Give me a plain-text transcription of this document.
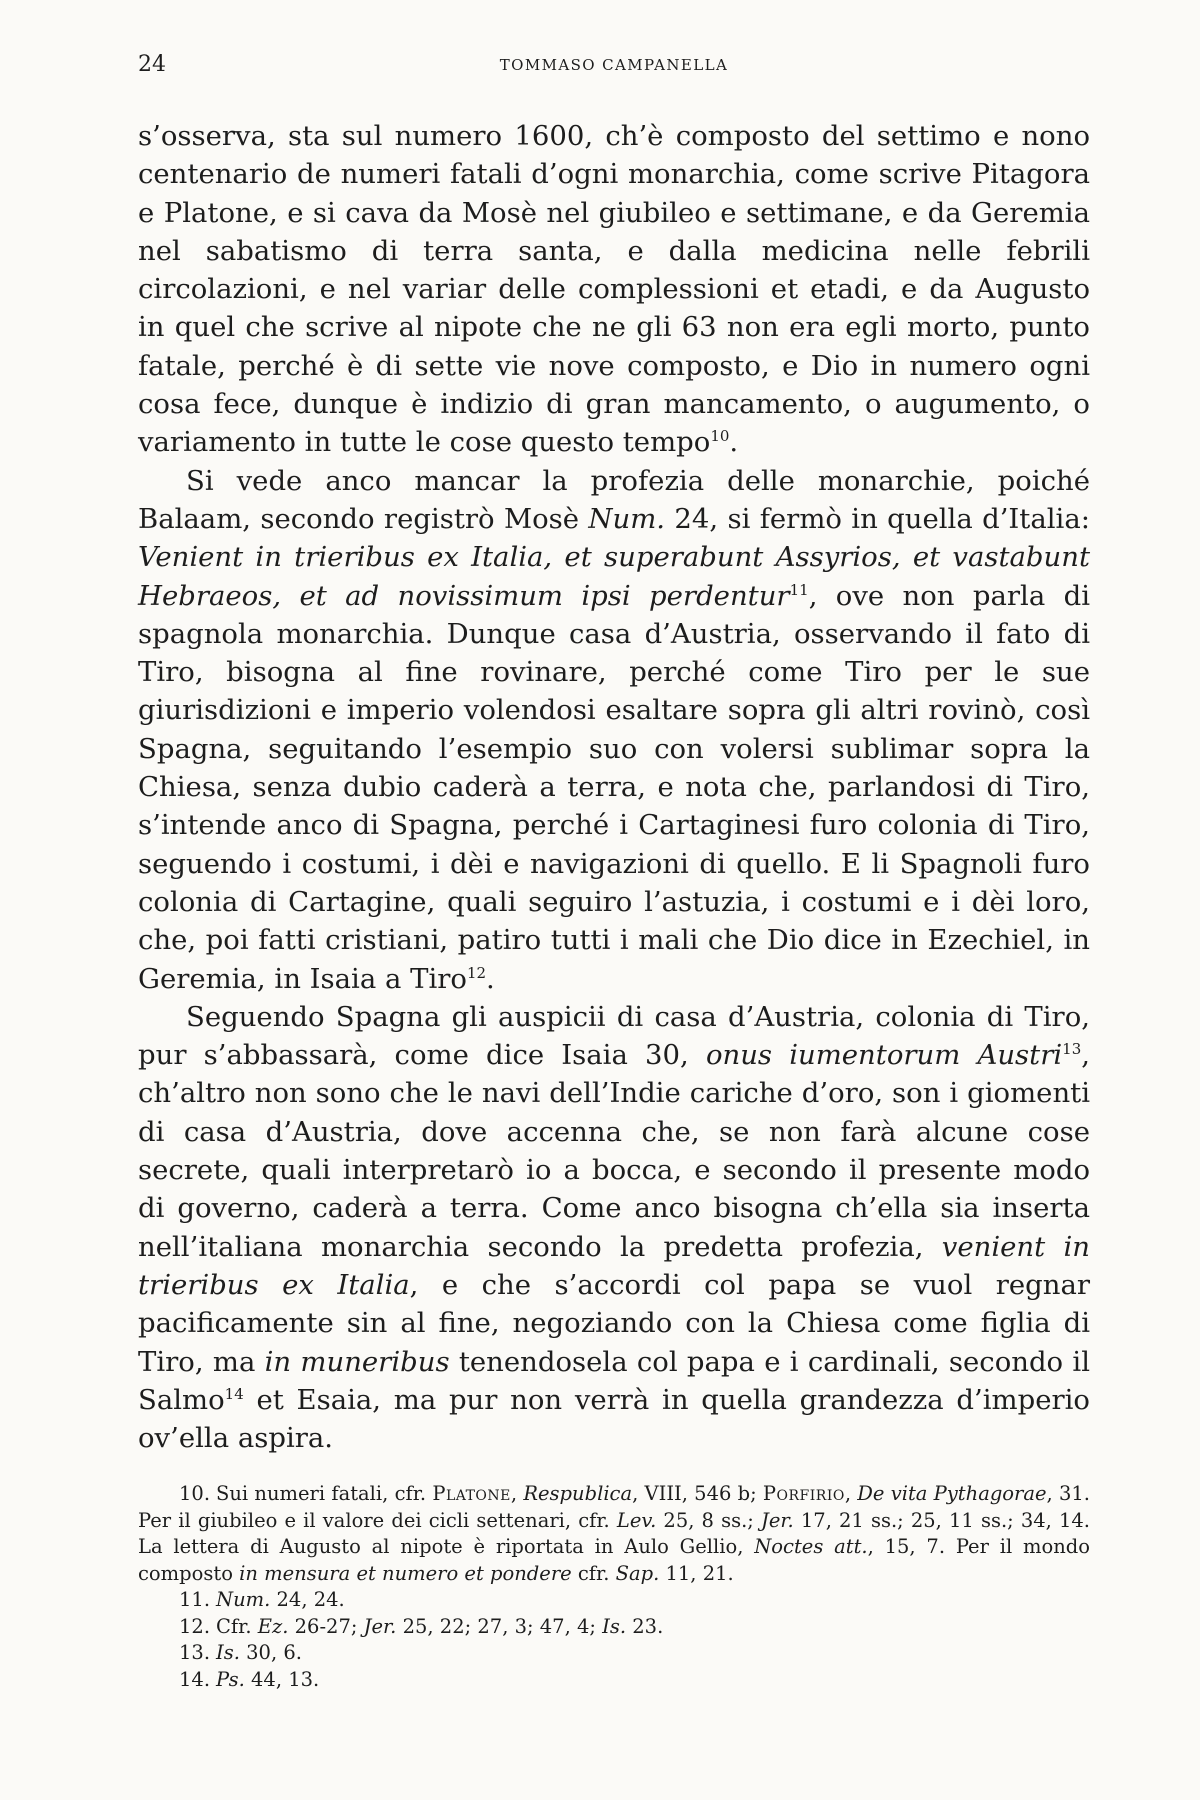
24	TOMMASO CAMPANELLA

s’osserva, sta sul numero 1600, ch’è composto del settimo e nono centenario de numeri fatali d’ogni monarchia, come scrive Pitagora e Platone, e si cava da Mosè nel giubileo e settimane, e da Geremia nel sabatismo di terra santa, e dalla medicina nelle febrili circolazioni, e nel variar delle complessioni et etadi, e da Augusto in quel che scrive al nipote che ne gli 63 non era egli morto, punto fatale, perché è di sette vie nove composto, e Dio in numero ogni cosa fece, dunque è indizio di gran mancamento, o augumento, o variamento in tutte le cose questo tempo$^{10}$.

Si vede anco mancar la profezia delle monarchie, poiché Balaam, secondo registrò Mosè Num. 24, si fermò in quella d’Italia: Venient in trieribus ex Italia, et superabunt Assyrios, et vastabunt Hebraeos, et ad novissimum ipsi perdentur$^{11}$, ove non parla di spagnola monarchia. Dunque casa d’Austria, osservando il fato di Tiro, bisogna al fine rovinare, perché come Tiro per le sue giurisdizioni e imperio volendosi esaltare sopra gli altri rovinò, così Spagna, seguitando l’esempio suo con volersi sublimar sopra la Chiesa, senza dubio caderà a terra, e nota che, parlandosi di Tiro, s’intende anco di Spagna, perché i Cartaginesi furo colonia di Tiro, seguendo i costumi, i dèi e navigazioni di quello. E li Spagnoli furo colonia di Cartagine, quali seguiro l’astuzia, i costumi e i dèi loro, che, poi fatti cristiani, patiro tutti i mali che Dio dice in Ezechiel, in Geremia, in Isaia a Tiro$^{12}$.

Seguendo Spagna gli auspicii di casa d’Austria, colonia di Tiro, pur s’abbassarà, come dice Isaia 30, onus iumentorum Austri$^{13}$, ch’altro non sono che le navi dell’Indie cariche d’oro, son i giomenti di casa d’Austria, dove accenna che, se non farà alcune cose secrete, quali interpretarò io a bocca, e secondo il presente modo di governo, caderà a terra. Come anco bisogna ch’ella sia inserta nell’italiana monarchia secondo la predetta profezia, venient in trieribus ex Italia, e che s’accordi col papa se vuol regnar pacificamente sin al fine, negoziando con la Chiesa come figlia di Tiro, ma in muneribus tenendosela col papa e i cardinali, secondo il Salmo$^{14}$ et Esaia, ma pur non verrà in quella grandezza d’imperio ov’ella aspira.

10. Sui numeri fatali, cfr. Platone, Respublica, VIII, 546 b; Porfirio, De vita Pythagorae, 31. Per il giubileo e il valore dei cicli settenari, cfr. Lev. 25, 8 ss.; Jer. 17, 21 ss.; 25, 11 ss.; 34, 14. La lettera di Augusto al nipote è riportata in Aulo Gellio, Noctes att., 15, 7. Per il mondo composto in mensura et numero et pondere cfr. Sap. 11, 21.

11. Num. 24, 24.

12. Cfr. Ez. 26-27; Jer. 25, 22; 27, 3; 47, 4; Is. 23.

13. Is. 30, 6.

14. Ps. 44, 13.
